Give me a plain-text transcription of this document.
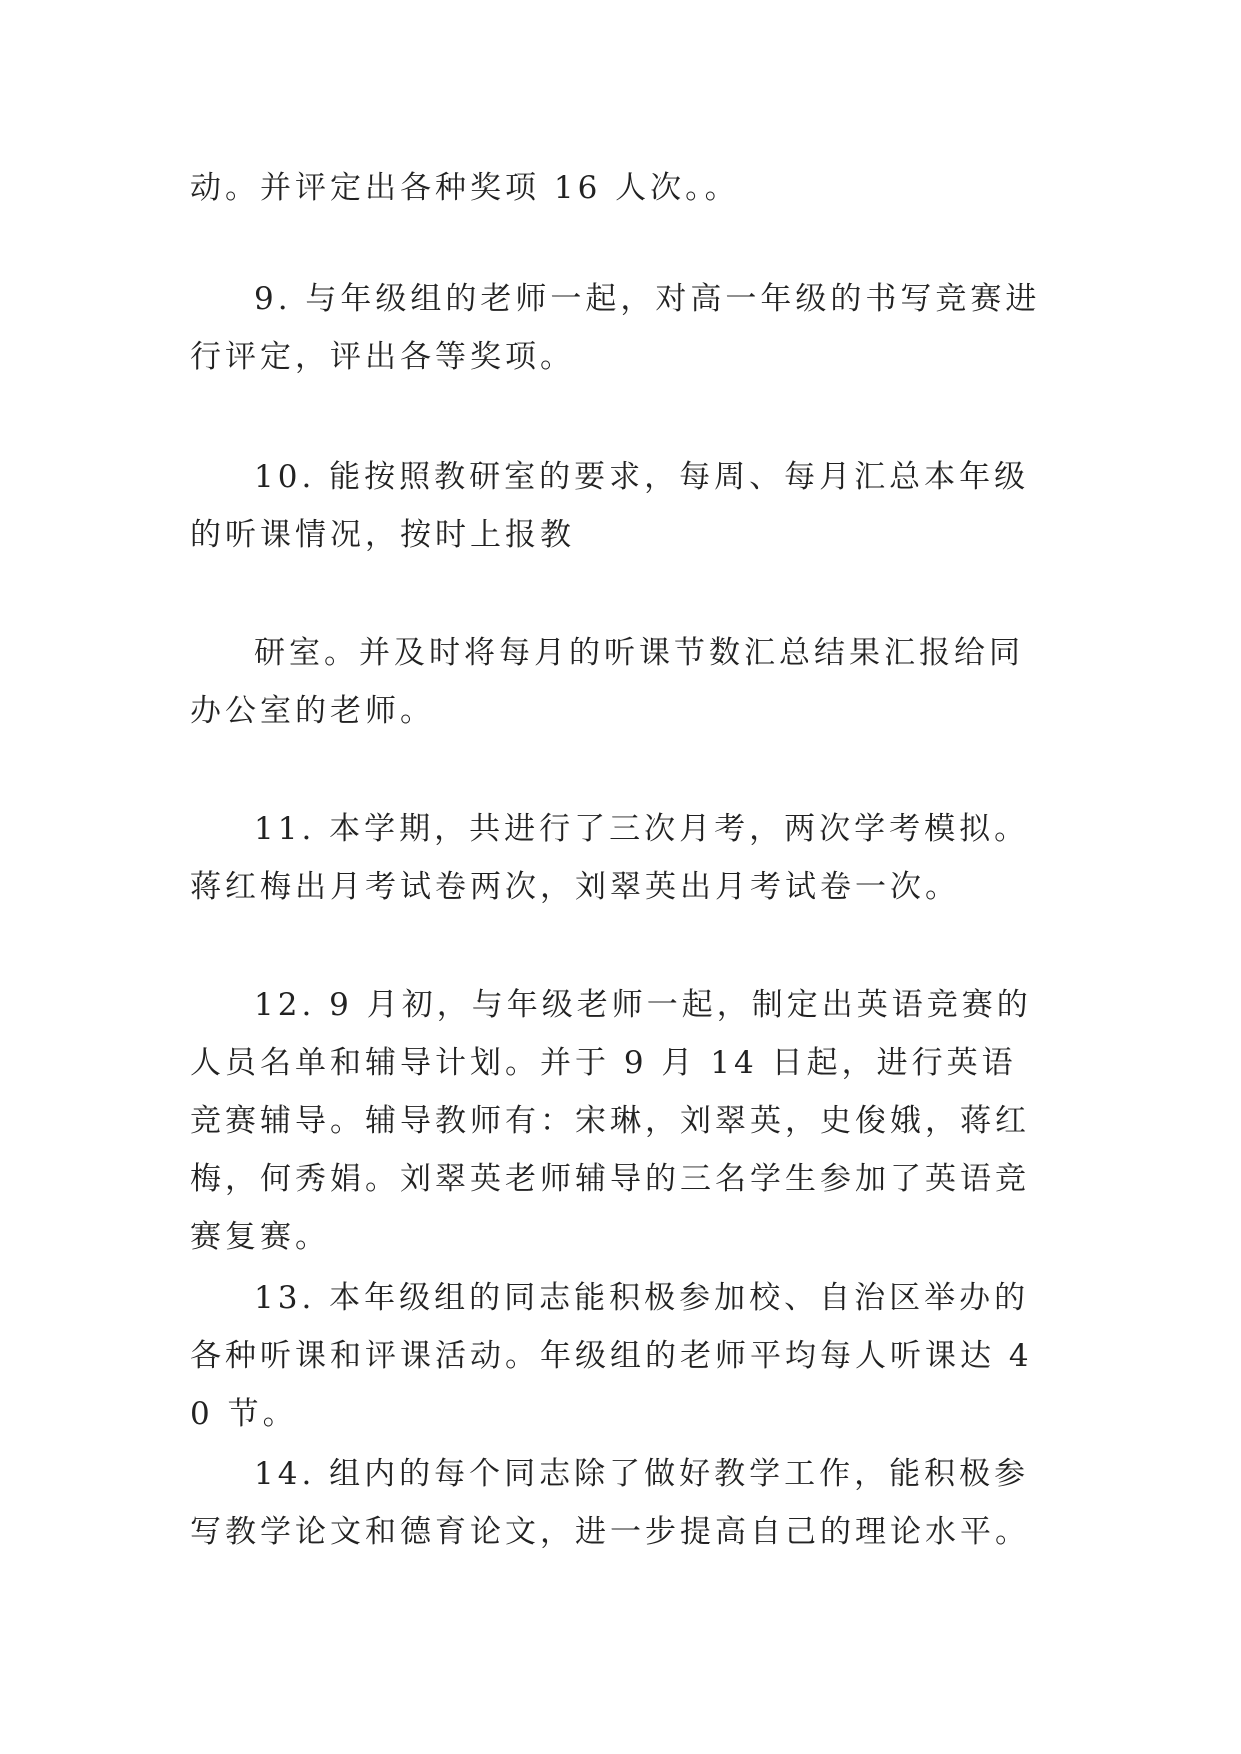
动。并评定出各种奖项 16 人次。。

9. 与年级组的老师一起，对高一年级的书写竞赛进行评定，评出各等奖项。

10. 能按照教研室的要求，每周、每月汇总本年级的听课情况，按时上报教

研室。并及时将每月的听课节数汇总结果汇报给同办公室的老师。

11. 本学期，共进行了三次月考，两次学考模拟。蒋红梅出月考试卷两次，刘翠英出月考试卷一次。

12. 9 月初，与年级老师一起，制定出英语竞赛的人员名单和辅导计划。并于 9 月 14 日起，进行英语竞赛辅导。辅导教师有：宋琳，刘翠英，史俊娥，蒋红梅，何秀娟。刘翠英老师辅导的三名学生参加了英语竞赛复赛。

13. 本年级组的同志能积极参加校、自治区举办的各种听课和评课活动。年级组的老师平均每人听课达 40 节。

14. 组内的每个同志除了做好教学工作，能积极参写教学论文和德育论文，进一步提高自己的理论水平。
